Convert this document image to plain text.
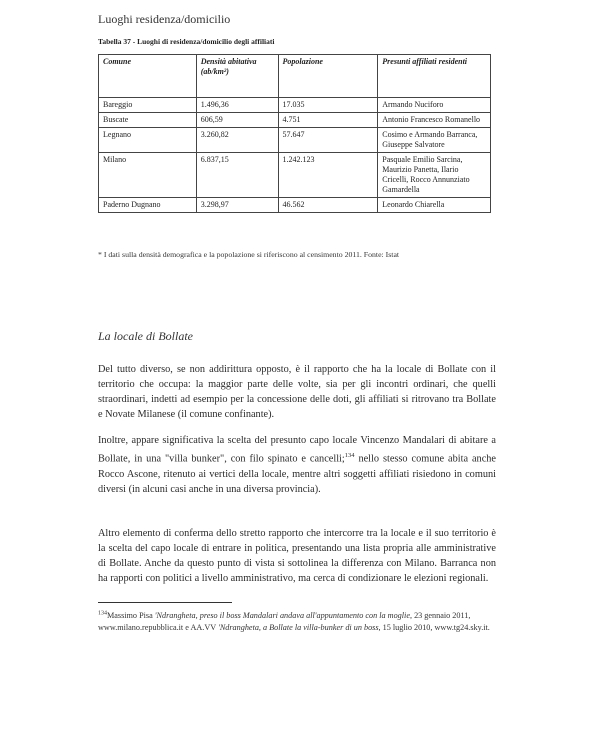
Luoghi residenza/domicilio
Tabella 37 - Luoghi di residenza/domicilio degli affiliati
Comune	Densità abitativa (ab/km²)	Popolazione	Presunti affiliati residenti
Bareggio	1.496,36	17.035	Armando Nuciforo
Buscate	606,59	4.751	Antonio Francesco Romanello
Legnano	3.260,82	57.647	Cosimo e Armando Barranca, Giuseppe Salvatore
Milano	6.837,15	1.242.123	Pasquale Emilio Sarcina, Maurizio Panetta, Ilario Cricelli, Rocco Annunziato Gamardella
Paderno Dugnano	3.298,97	46.562	Leonardo Chiarella
* I dati sulla densità demografica e la popolazione si riferiscono al censimento 2011. Fonte: Istat
La locale di Bollate

Del tutto diverso, se non addirittura opposto, è il rapporto che ha la locale di Bollate con il territorio che occupa: la maggior parte delle volte, sia per gli incontri ordinari, che quelli straordinari, indetti ad esempio per la concessione delle doti, gli affiliati si ritrovano tra Bollate e Novate Milanese (il comune confinante).

Inoltre, appare significativa la scelta del presunto capo locale Vincenzo Mandalari di abitare a Bollate, in una "villa bunker", con filo spinato e cancelli;$^{134}$ nello stesso comune abita anche Rocco Ascone, ritenuto ai vertici della locale, mentre altri soggetti affiliati risiedono in comuni diversi (in alcuni casi anche in una diversa provincia).

Altro elemento di conferma dello stretto rapporto che intercorre tra la locale e il suo territorio è la scelta del capo locale di entrare in politica, presentando una lista propria alle amministrative di Bollate. Anche da questo punto di vista si sottolinea la differenza con Milano. Barranca non ha rapporti con politici a livello amministrativo, ma cerca di condizionare le elezioni regionali.

$^{134}$Massimo Pisa 'Ndrangheta, preso il boss Mandalari andava all'appuntamento con la moglie, 23 gennaio 2011, www.milano.repubblica.it e AA.VV 'Ndrangheta, a Bollate la villa-bunker di un boss, 15 luglio 2010, www.tg24.sky.it.
